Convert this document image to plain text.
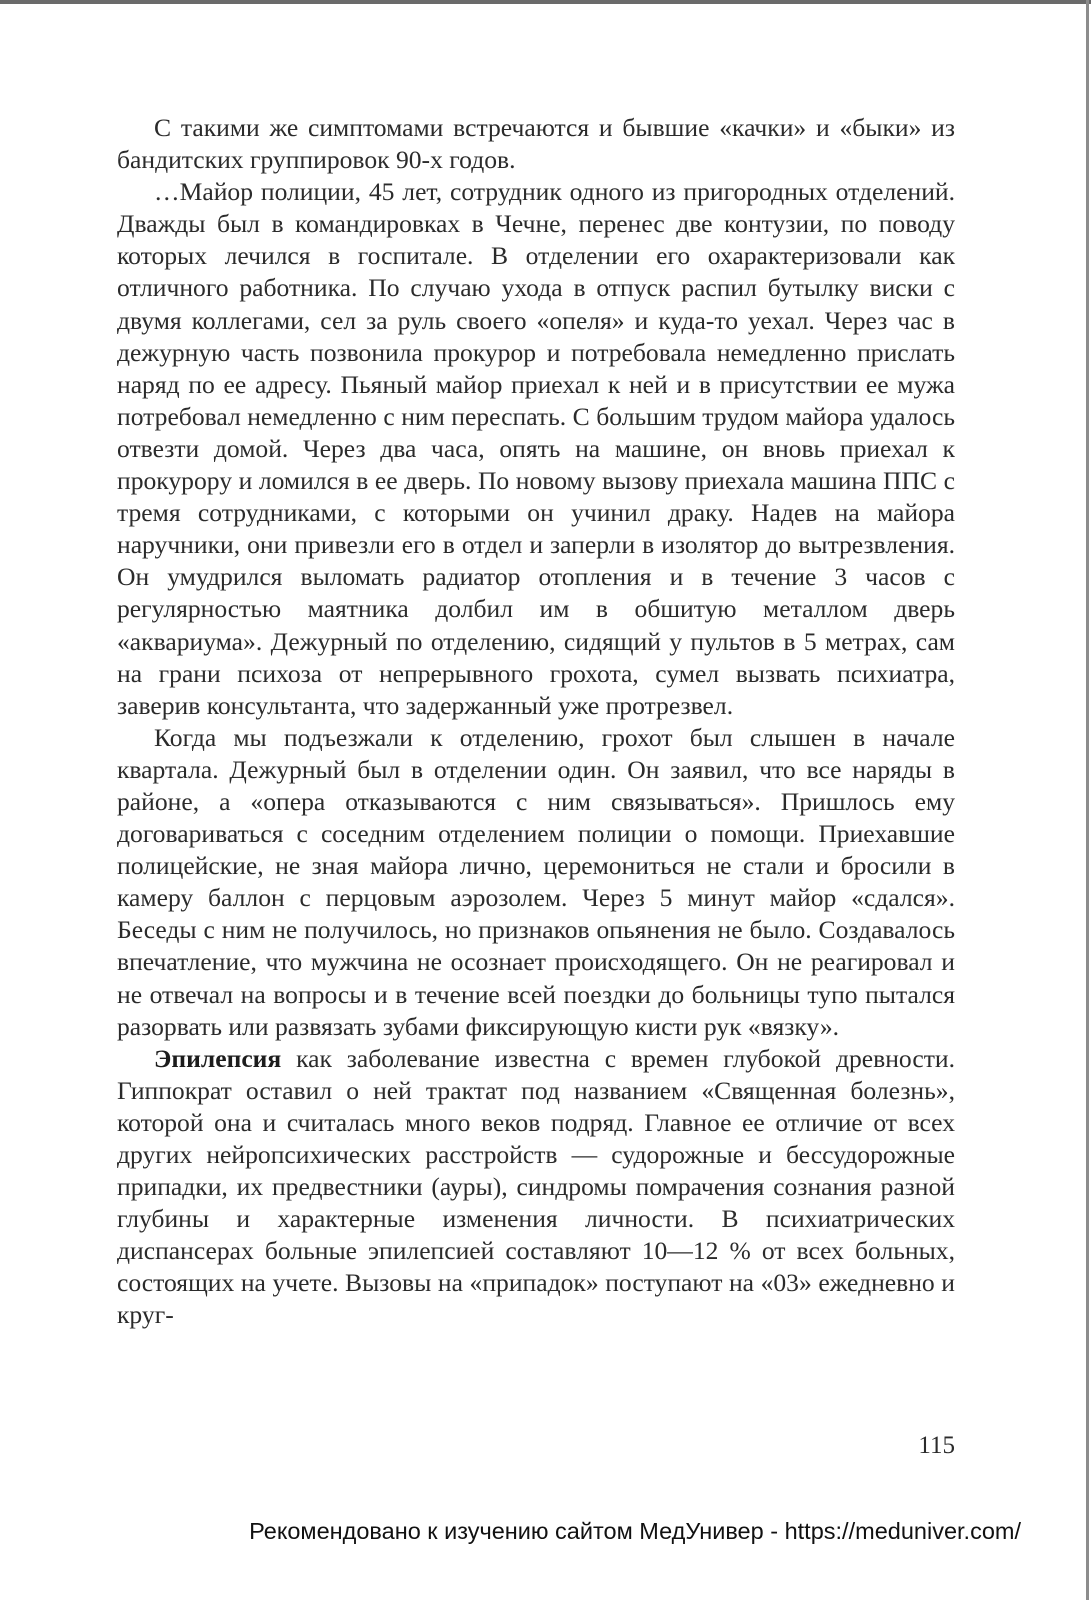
С такими же симптомами встречаются и бывшие «качки» и «быки» из бандитских группировок 90-х годов.

…Майор полиции, 45 лет, сотрудник одного из пригородных отделений. Дважды был в командировках в Чечне, перенес две контузии, по поводу которых лечился в госпитале. В отделении его охарактеризовали как отличного работника. По случаю ухода в отпуск распил бутылку виски с двумя коллегами, сел за руль своего «опеля» и куда-то уехал. Через час в дежурную часть позвонила прокурор и потребовала немедленно прислать наряд по ее адресу. Пьяный майор приехал к ней и в присутствии ее мужа потребовал немедленно с ним переспать. С большим трудом майора удалось отвезти домой. Через два часа, опять на машине, он вновь приехал к прокурору и ломился в ее дверь. По новому вызову приехала машина ППС с тремя сотрудниками, с которыми он учинил драку. Надев на майора наручники, они привезли его в отдел и заперли в изолятор до вытрезвления. Он умудрился выломать радиатор отопления и в течение 3 часов с регулярностью маятника долбил им в обшитую металлом дверь «аквариума». Дежурный по отделению, сидящий у пультов в 5 метрах, сам на грани психоза от непрерывного грохота, сумел вызвать психиатра, заверив консультанта, что задержанный уже протрезвел.

Когда мы подъезжали к отделению, грохот был слышен в начале квартала. Дежурный был в отделении один. Он заявил, что все наряды в районе, а «опера отказываются с ним связываться». Пришлось ему договариваться с соседним отделением полиции о помощи. Приехавшие полицейские, не зная майора лично, церемониться не стали и бросили в камеру баллон с перцовым аэрозолем. Через 5 минут майор «сдался». Беседы с ним не получилось, но признаков опьянения не было. Создавалось впечатление, что мужчина не осознает происходящего. Он не реагировал и не отвечал на вопросы и в течение всей поездки до больницы тупо пытался разорвать или развязать зубами фиксирующую кисти рук «вязку».

Эпилепсия как заболевание известна с времен глубокой древности. Гиппократ оставил о ней трактат под названием «Священная болезнь», которой она и считалась много веков подряд. Главное ее отличие от всех других нейропсихических расстройств — судорожные и бессудорожные припадки, их предвестники (ауры), синдромы помрачения сознания разной глубины и характерные изменения личности. В психиатрических диспансерах больные эпилепсией составляют 10—12 % от всех больных, состоящих на учете. Вызовы на «припадок» поступают на «03» ежедневно и круг-

115
Рекомендовано к изучению сайтом МедУнивер - https://meduniver.com/
